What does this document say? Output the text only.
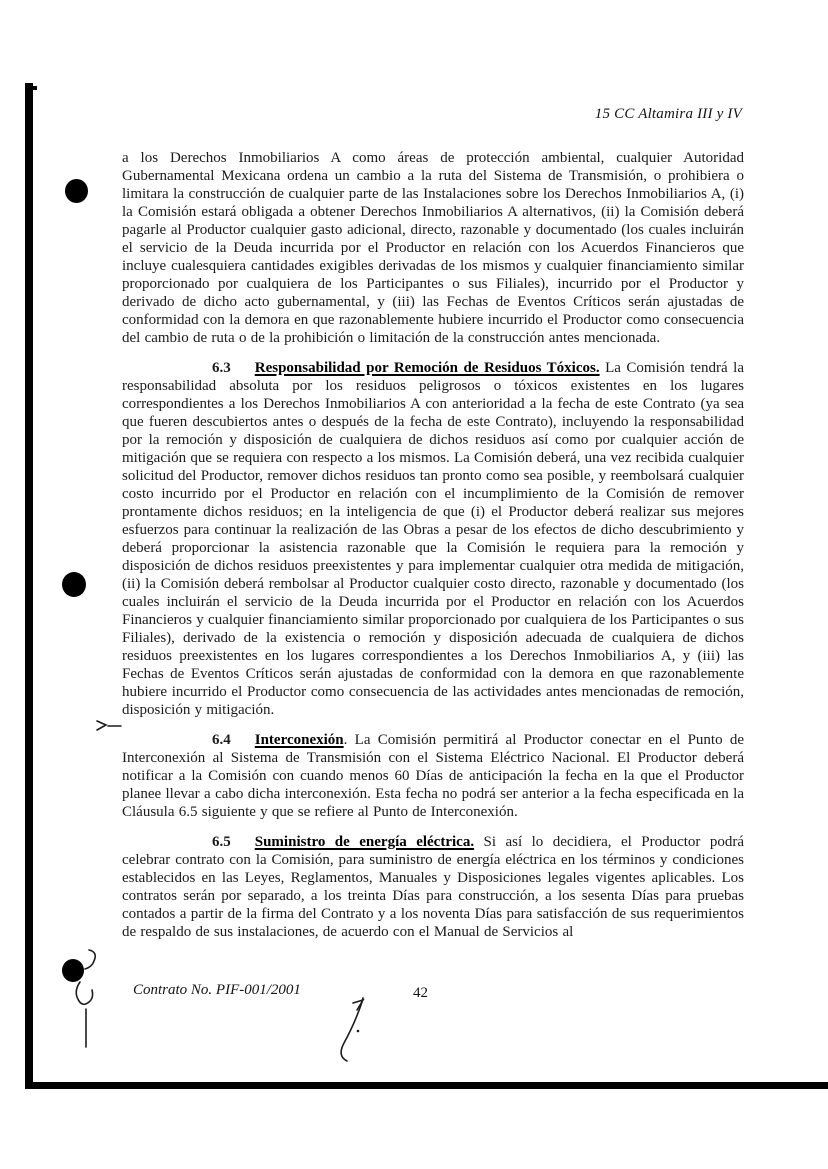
15 CC Altamira III y IV

a los Derechos Inmobiliarios A como áreas de protección ambiental, cualquier Autoridad Gubernamental Mexicana ordena un cambio a la ruta del Sistema de Transmisión, o prohibiera o limitara la construcción de cualquier parte de las Instalaciones sobre los Derechos Inmobiliarios A, (i) la Comisión estará obligada a obtener Derechos Inmobiliarios A alternativos, (ii) la Comisión deberá pagarle al Productor cualquier gasto adicional, directo, razonable y documentado (los cuales incluirán el servicio de la Deuda incurrida por el Productor en relación con los Acuerdos Financieros que incluye cualesquiera cantidades exigibles derivadas de los mismos y cualquier financiamiento similar proporcionado por cualquiera de los Participantes o sus Filiales), incurrido por el Productor y derivado de dicho acto gubernamental, y (iii) las Fechas de Eventos Críticos serán ajustadas de conformidad con la demora en que razonablemente hubiere incurrido el Productor como consecuencia del cambio de ruta o de la prohibición o limitación de la construcción antes mencionada.

6.3 Responsabilidad por Remoción de Residuos Tóxicos. La Comisión tendrá la responsabilidad absoluta por los residuos peligrosos o tóxicos existentes en los lugares correspondientes a los Derechos Inmobiliarios A con anterioridad a la fecha de este Contrato (ya sea que fueren descubiertos antes o después de la fecha de este Contrato), incluyendo la responsabilidad por la remoción y disposición de cualquiera de dichos residuos así como por cualquier acción de mitigación que se requiera con respecto a los mismos. La Comisión deberá, una vez recibida cualquier solicitud del Productor, remover dichos residuos tan pronto como sea posible, y reembolsará cualquier costo incurrido por el Productor en relación con el incumplimiento de la Comisión de remover prontamente dichos residuos; en la inteligencia de que (i) el Productor deberá realizar sus mejores esfuerzos para continuar la realización de las Obras a pesar de los efectos de dicho descubrimiento y deberá proporcionar la asistencia razonable que la Comisión le requiera para la remoción y disposición de dichos residuos preexistentes y para implementar cualquier otra medida de mitigación, (ii) la Comisión deberá rembolsar al Productor cualquier costo directo, razonable y documentado (los cuales incluirán el servicio de la Deuda incurrida por el Productor en relación con los Acuerdos Financieros y cualquier financiamiento similar proporcionado por cualquiera de los Participantes o sus Filiales), derivado de la existencia o remoción y disposición adecuada de cualquiera de dichos residuos preexistentes en los lugares correspondientes a los Derechos Inmobiliarios A, y (iii) las Fechas de Eventos Críticos serán ajustadas de conformidad con la demora en que razonablemente hubiere incurrido el Productor como consecuencia de las actividades antes mencionadas de remoción, disposición y mitigación.

6.4 Interconexión. La Comisión permitirá al Productor conectar en el Punto de Interconexión al Sistema de Transmisión con el Sistema Eléctrico Nacional. El Productor deberá notificar a la Comisión con cuando menos 60 Días de anticipación la fecha en la que el Productor planee llevar a cabo dicha interconexión. Esta fecha no podrá ser anterior a la fecha especificada en la Cláusula 6.5 siguiente y que se refiere al Punto de Interconexión.

6.5 Suministro de energía eléctrica. Si así lo decidiera, el Productor podrá celebrar contrato con la Comisión, para suministro de energía eléctrica en los términos y condiciones establecidos en las Leyes, Reglamentos, Manuales y Disposiciones legales vigentes aplicables. Los contratos serán por separado, a los treinta Días para construcción, a los sesenta Días para pruebas contados a partir de la firma del Contrato y a los noventa Días para satisfacción de sus requerimientos de respaldo de sus instalaciones, de acuerdo con el Manual de Servicios al

Contrato No. PIF-001/2001	42
